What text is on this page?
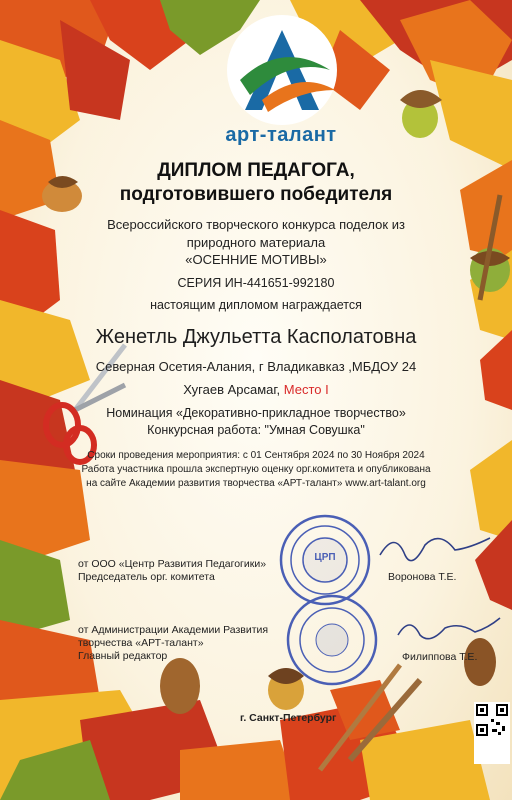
арт-талант
ДИПЛОМ ПЕДАГОГА,
подготовившего победителя
Всероссийского творческого конкурса поделок из
природного материала
«ОСЕННИЕ МОТИВЫ»
СЕРИЯ ИН-441651-992180
настоящим дипломом награждается
Женетль Джульетта Касполатовна
Северная Осетия-Алания, г Владикавказ ,МБДОУ 24
Хугаев Арсамаг, Место I
Номинация «Декоративно-прикладное творчество»
Конкурсная работа: "Умная Совушка"
Сроки проведения мероприятия: с 01 Сентября 2024 по 30 Ноября 2024
Работа участника прошла экспертную оценку орг.комитета и опубликована
на сайте Академии развития творчества «АРТ-талант» www.art-talant.org
от ООО «Центр Развития Педагогики»
Председатель орг. комитета
ЦРП
Воронова Т.Е.
от Администрации Академии Развития
творчества «АРТ-талант»
Главный редактор	Филиппова Т.Е.
г. Санкт-Петербург
